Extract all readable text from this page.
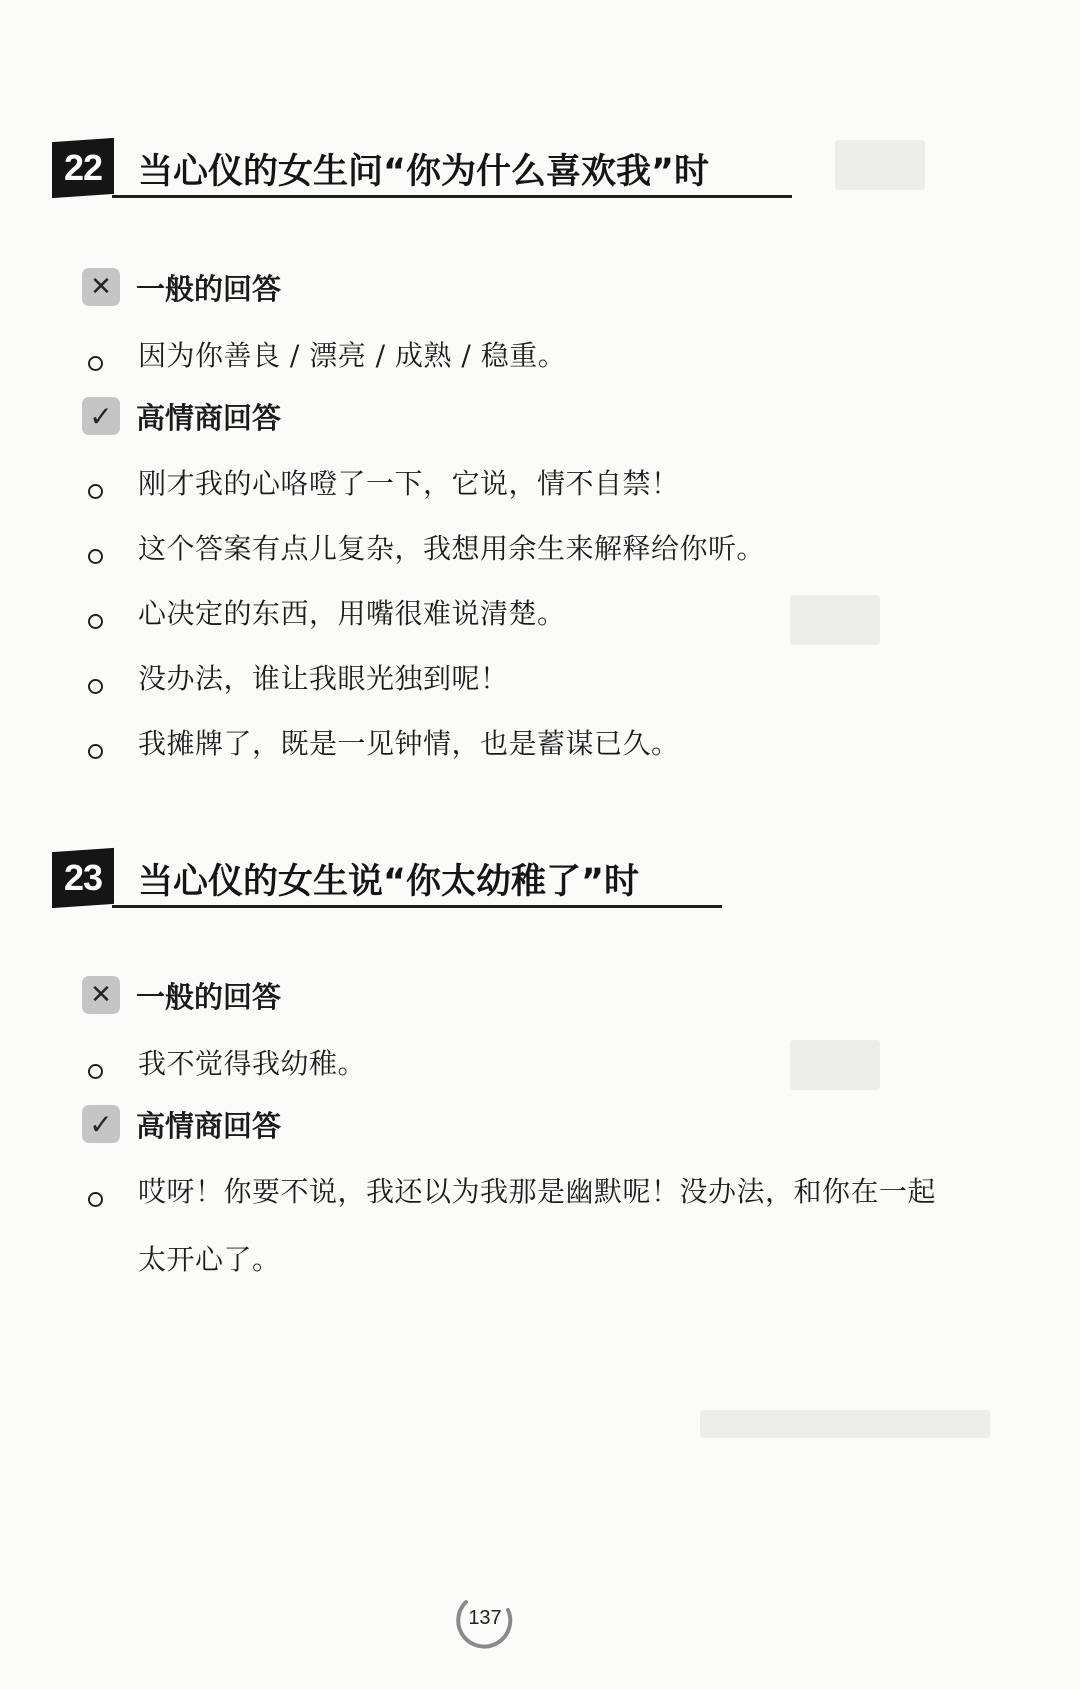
22 当心仪的女生问“你为什么喜欢我”时
✕ 一般的回答
因为你善良 / 漂亮 / 成熟 / 稳重。
✓ 高情商回答
刚才我的心咯噔了一下，它说，情不自禁！
这个答案有点儿复杂，我想用余生来解释给你听。
心决定的东西，用嘴很难说清楚。
没办法，谁让我眼光独到呢！
我摊牌了，既是一见钟情，也是蓄谋已久。
23 当心仪的女生说“你太幼稚了”时
✕ 一般的回答
我不觉得我幼稚。
✓ 高情商回答
哎呀！你要不说，我还以为我那是幽默呢！没办法，和你在一起太开心了。
137
